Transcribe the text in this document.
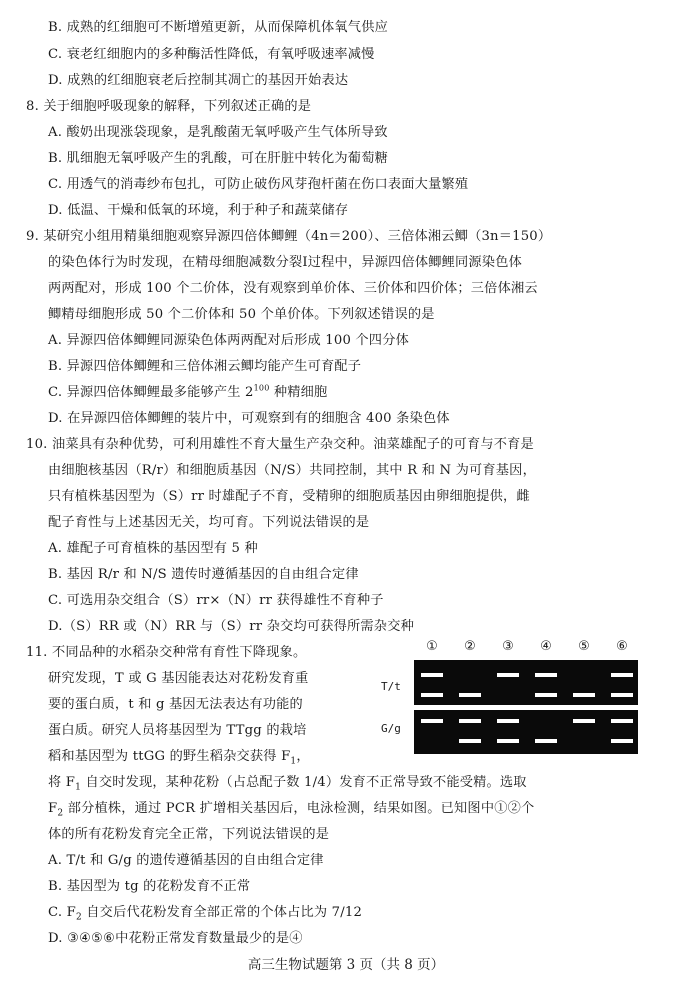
B. 成熟的红细胞可不断增殖更新，从而保障机体氧气供应
C. 衰老红细胞内的多种酶活性降低，有氧呼吸速率减慢
D. 成熟的红细胞衰老后控制其凋亡的基因开始表达
8. 关于细胞呼吸现象的解释，下列叙述正确的是
A. 酸奶出现涨袋现象，是乳酸菌无氧呼吸产生气体所导致
B. 肌细胞无氧呼吸产生的乳酸，可在肝脏中转化为葡萄糖
C. 用透气的消毒纱布包扎，可防止破伤风芽孢杆菌在伤口表面大量繁殖
D. 低温、干燥和低氧的环境，利于种子和蔬菜储存
9. 某研究小组用精巢细胞观察异源四倍体鲫鲤（4n＝200）、三倍体湘云鲫（3n＝150）
的染色体行为时发现，在精母细胞减数分裂Ⅰ过程中，异源四倍体鲫鲤同源染色体
两两配对，形成 100 个二价体，没有观察到单价体、三价体和四价体；三倍体湘云
鲫精母细胞形成 50 个二价体和 50 个单价体。下列叙述错误的是
A. 异源四倍体鲫鲤同源染色体两两配对后形成 100 个四分体
B. 异源四倍体鲫鲤和三倍体湘云鲫均能产生可育配子
C. 异源四倍体鲫鲤最多能够产生 $2^{100}$ 种精细胞
D. 在异源四倍体鲫鲤的装片中，可观察到有的细胞含 400 条染色体
10. 油菜具有杂种优势，可利用雄性不育大量生产杂交种。油菜雄配子的可育与不育是
由细胞核基因（R/r）和细胞质基因（N/S）共同控制，其中 R 和 N 为可育基因，
只有植株基因型为（S）rr 时雄配子不育，受精卵的细胞质基因由卵细胞提供，雌
配子育性与上述基因无关，均可育。下列说法错误的是
A. 雄配子可育植株的基因型有 5 种
B. 基因 R/r 和 N/S 遗传时遵循基因的自由组合定律
C. 可选用杂交组合（S）rr×（N）rr 获得雄性不育种子
D.（S）RR 或（N）RR 与（S）rr 杂交均可获得所需杂交种
11. 不同品种的水稻杂交种常有育性下降现象。
研究发现，T 或 G 基因能表达对花粉发育重
要的蛋白质，t 和 g 基因无法表达有功能的
蛋白质。研究人员将基因型为 TTgg 的栽培
稻和基因型为 ttGG 的野生稻杂交获得 $F_1$，
将 $F_1$ 自交时发现，某种花粉（占总配子数 1/4）发育不正常导致不能受精。选取
$F_2$ 部分植株，通过 PCR 扩增相关基因后，电泳检测，结果如图。已知图中①②个
体的所有花粉发育完全正常，下列说法错误的是
A. T/t 和 G/g 的遗传遵循基因的自由组合定律
B. 基因型为 tg 的花粉发育不正常
C. $F_2$ 自交后代花粉发育全部正常的个体占比为 7/12
D. ③④⑤⑥中花粉正常发育数量最少的是④
① ② ③ ④ ⑤ ⑥
T/t
G/g
高三生物试题第 3 页（共 8 页）
